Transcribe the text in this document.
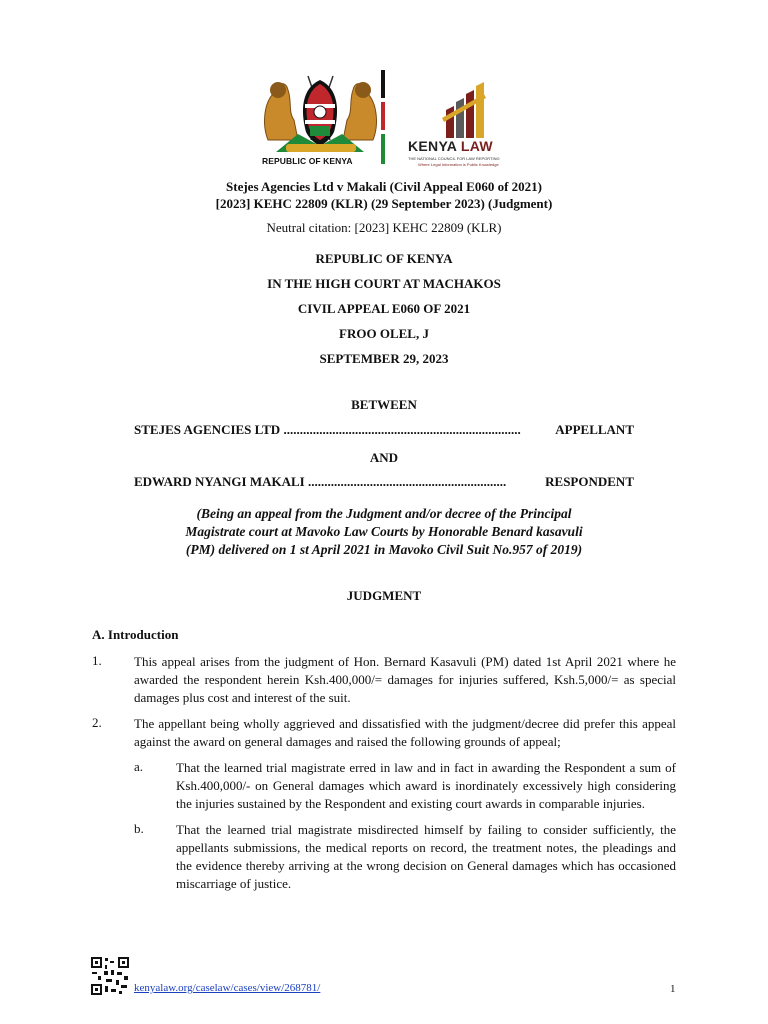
REPUBLIC OF KENYA
KENYA LAW
THE NATIONAL COUNCIL FOR LAW REPORTING
Where Legal Information is Public Knowledge
Stejes Agencies Ltd v Makali (Civil Appeal E060 of 2021)
[2023] KEHC 22809 (KLR) (29 September 2023) (Judgment)
Neutral citation: [2023] KEHC 22809 (KLR)
REPUBLIC OF KENYA
IN THE HIGH COURT AT MACHAKOS
CIVIL APPEAL E060 OF 2021
FROO OLEL, J
SEPTEMBER 29, 2023
BETWEEN
STEJES AGENCIES LTD .........................................................................	APPELLANT
AND
EDWARD NYANGI MAKALI .............................................................	RESPONDENT
(Being an appeal from the Judgment and/or decree of the Principal
Magistrate court at Mavoko Law Courts by Honorable Benard kasavuli
(PM) delivered on 1 st April 2021 in Mavoko Civil Suit No.957 of 2019)
JUDGMENT
A. Introduction
1. This appeal arises from the judgment of Hon. Bernard Kasavuli (PM) dated 1st April 2021 where he awarded the respondent herein Ksh.400,000/= damages for injuries suffered, Ksh.5,000/= as special damages plus cost and interest of the suit.
2. The appellant being wholly aggrieved and dissatisfied with the judgment/decree did prefer this appeal against the award on general damages and raised the following grounds of appeal;
a.	That the learned trial magistrate erred in law and in fact in awarding the Respondent a sum of Ksh.400,000/- on General damages which award is inordinately excessively high considering the injuries sustained by the Respondent and existing court awards in comparable injuries.
b. That the learned trial magistrate misdirected himself by failing to consider sufficiently, the appellants submissions, the medical reports on record, the treatment notes, the pleadings and the evidence thereby arriving at the wrong decision on General damages which has occasioned miscarriage of justice.
kenyalaw.org/caselaw/cases/view/268781/	1
